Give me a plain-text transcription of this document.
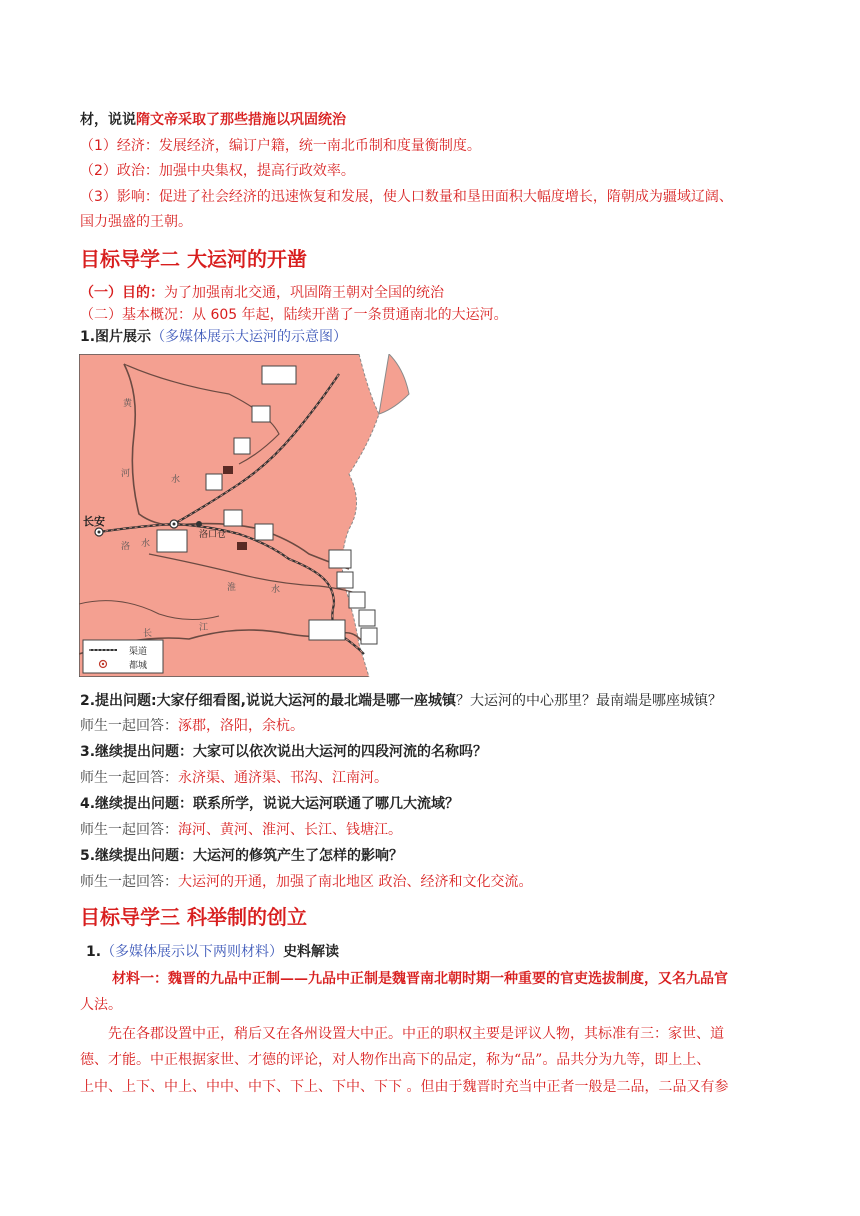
材，说说隋文帝采取了那些措施以巩固统治
（1）经济：发展经济，编订户籍，统一南北币制和度量衡制度。
（2）政治：加强中央集权，提高行政效率。
（3）影响：促进了社会经济的迅速恢复和发展，使人口数量和垦田面积大幅度增长，隋朝成为疆域辽阔、
国力强盛的王朝。
目标导学二 大运河的开凿
（一）目的：为了加强南北交通，巩固隋王朝对全国的统治
（二）基本概况：从 605 年起，陆续开凿了一条贯通南北的大运河。
1.图片展示（多媒体展示大运河的示意图）
黄
河
水
洛 水
淮	水
长
江
长安
洛口仓
渠道
都城
2.提出问题:大家仔细看图,说说大运河的最北端是哪一座城镇？大运河的中心那里？最南端是哪座城镇？
师生一起回答：涿郡，洛阳，余杭。
3.继续提出问题：大家可以依次说出大运河的四段河流的名称吗？
师生一起回答：永济渠、通济渠、邗沟、江南河。
4.继续提出问题：联系所学，说说大运河联通了哪几大流域？
师生一起回答：海河、黄河、淮河、长江、钱塘江。
5.继续提出问题：大运河的修筑产生了怎样的影响？
师生一起回答：大运河的开通，加强了南北地区 政治、经济和文化交流。
目标导学三 科举制的创立
1.（多媒体展示以下两则材料）史料解读
材料一：魏晋的九品中正制——九品中正制是魏晋南北朝时期一种重要的官吏选拔制度，又名九品官
人法。
先在各郡设置中正，稍后又在各州设置大中正。中正的职权主要是评议人物，其标准有三：家世、道
德、才能。中正根据家世、才德的评论，对人物作出高下的品定，称为“品”。品共分为九等，即上上、
上中、上下、中上、中中、中下、下上、下中、下下 。但由于魏晋时充当中正者一般是二品，二品又有参
